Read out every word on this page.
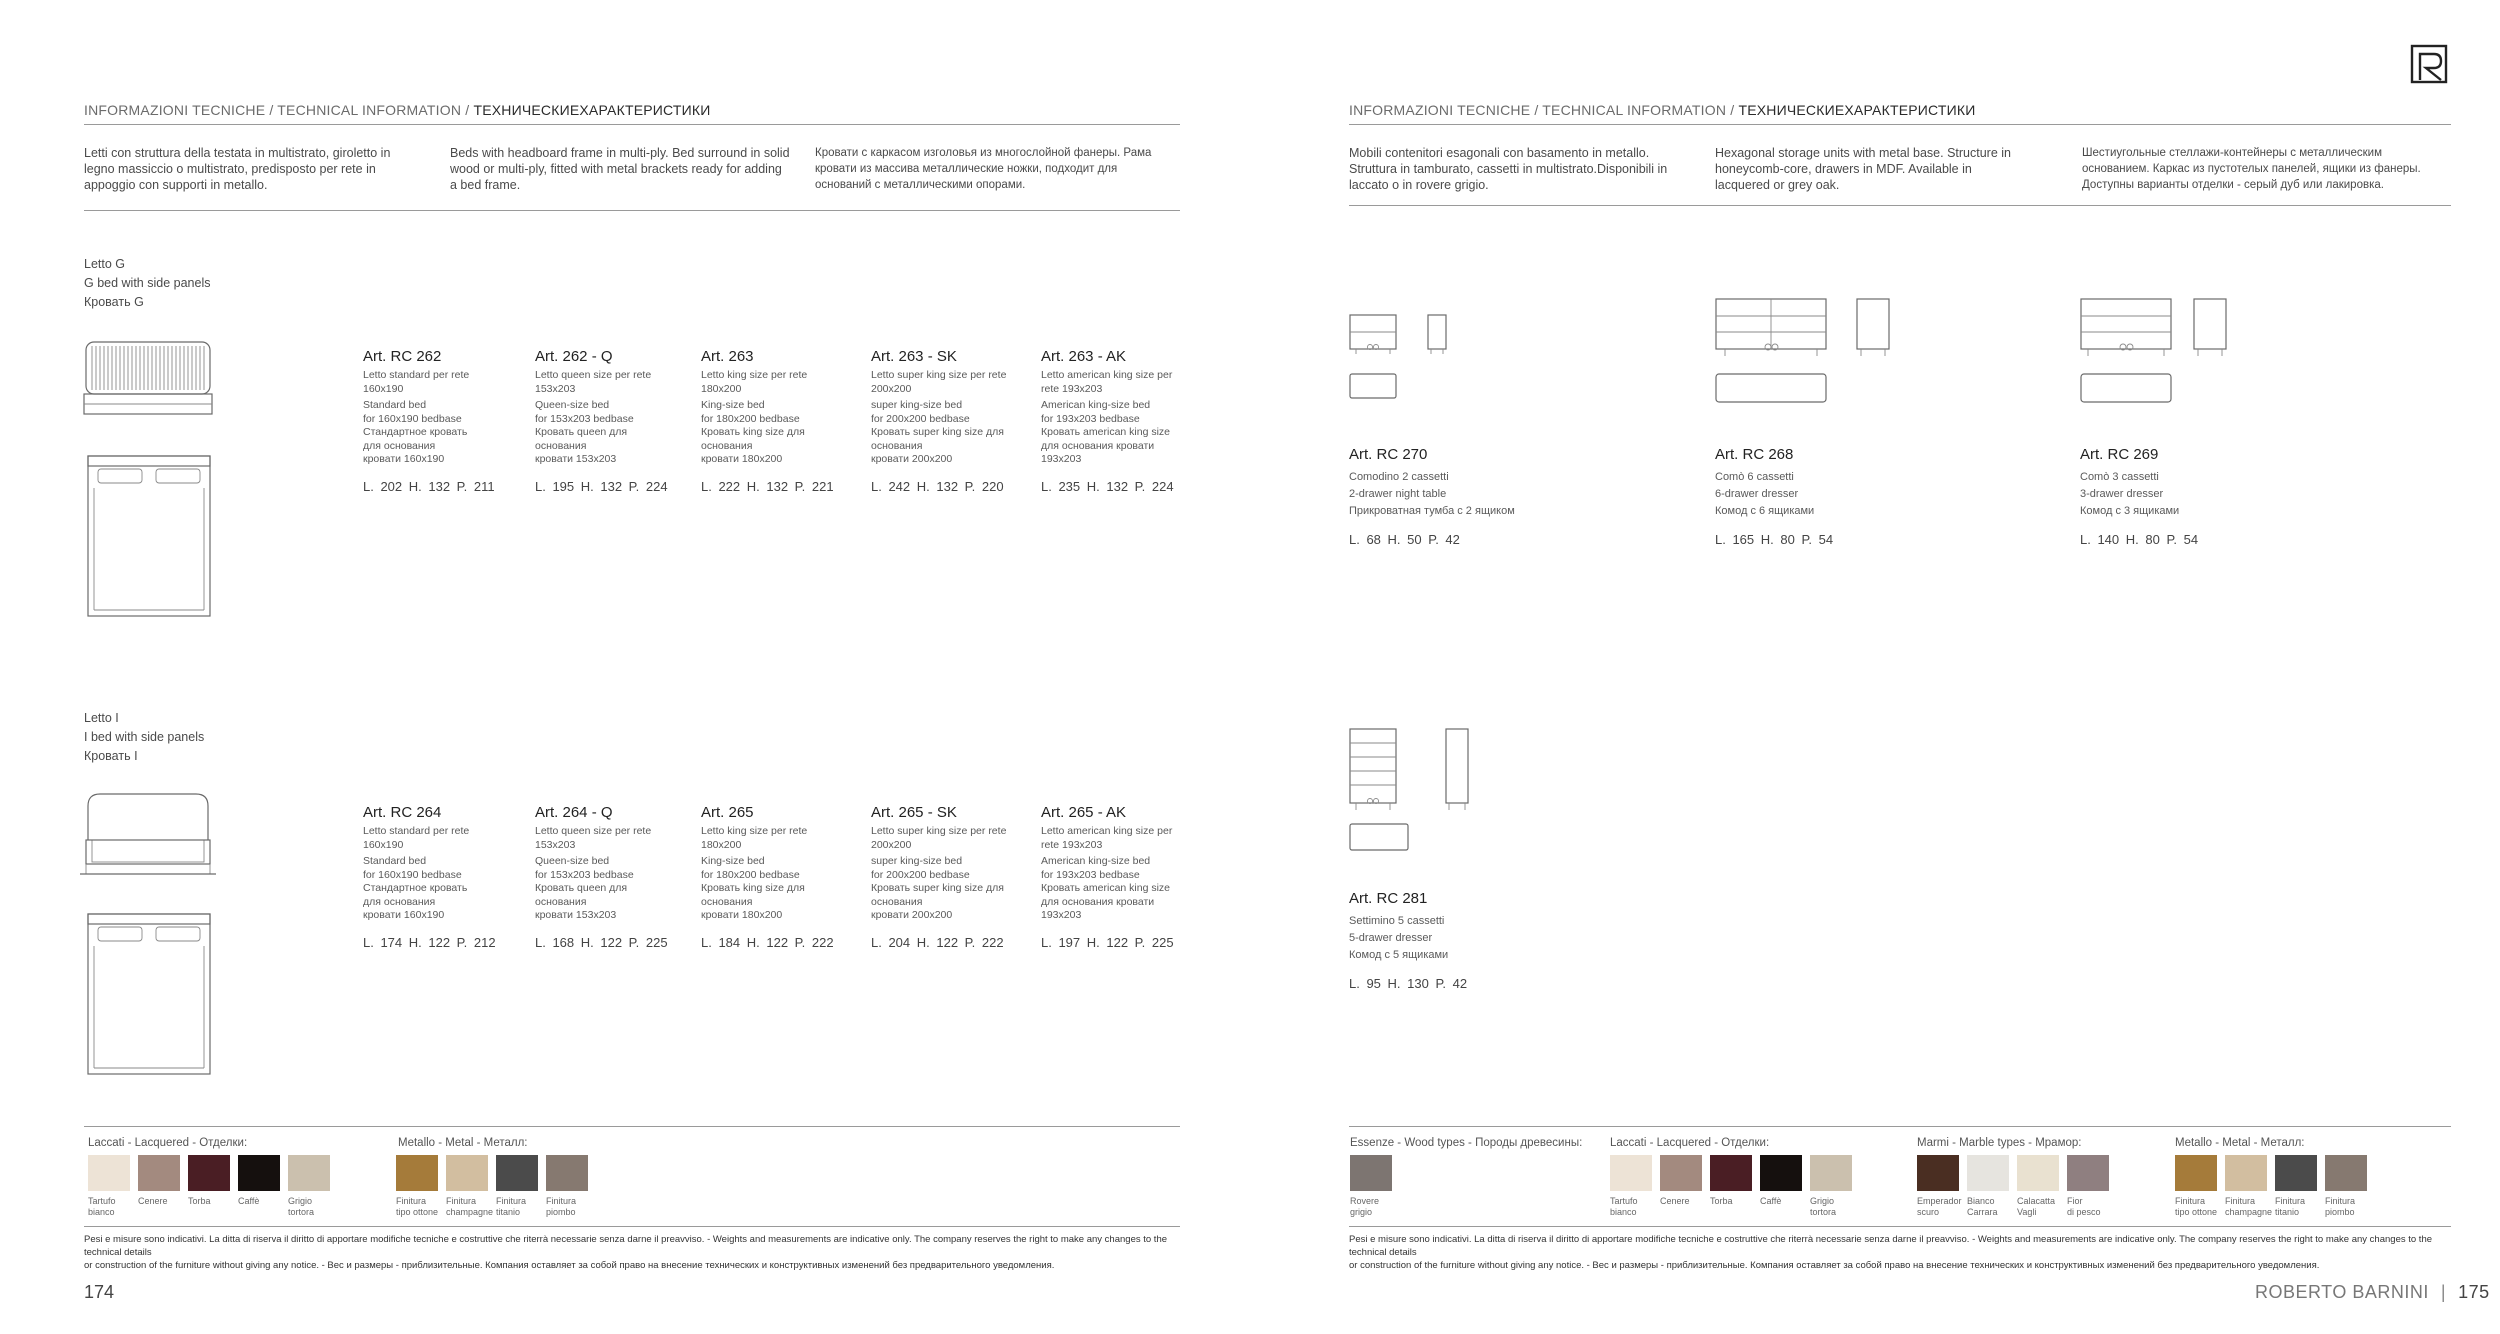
INFORMAZIONI TECNICHE / TECHNICAL INFORMATION / ТЕХНИЧЕСКИЕХАРАКТЕРИСТИКИ
Letti con struttura della testata in multistrato, giroletto in legno massiccio o multistrato, predisposto per rete in appoggio con supporti in metallo.
Beds with headboard frame in multi-ply. Bed surround in solid wood or multi-ply, fitted with metal brackets ready for adding a bed frame.
Кровати с каркасом изголовья из многослойной фанеры. Рама кровати из массива металлические ножки, подходит для оснований с металлическими опорами.
Letto G
G bed with side panels
Кровать G
Art. RC 262
Letto standard per rete
160x190
Standard bed
for 160x190 bedbase
Стандартное кровать
для основания
кровати 160x190
L. 202 H. 132 P. 211
Art. 262 - Q
Letto queen size per rete
153x203
Queen-size bed
for 153x203 bedbase
Кровать queen для
основания
кровати 153x203
L. 195 H. 132 P. 224
Art. 263
Letto king size per rete
180x200
King-size bed
for 180x200 bedbase
Кровать king size для
основания
кровати 180x200
L. 222 H. 132 P. 221
Art. 263 - SK
Letto super king size per rete
200x200
super king-size bed
for 200x200 bedbase
Кровать super king size для
основания
кровати 200x200
L. 242 H. 132 P. 220
Art. 263 - AK
Letto american king size per
rete 193x203
American king-size bed
for 193x203 bedbase
Кровать american king size
для основания кровати
193x203
L. 235 H. 132 P. 224
Letto I
I bed with side panels
Кровать I
Art. RC 264
Letto standard per rete
160x190
Standard bed
for 160x190 bedbase
Стандартное кровать
для основания
кровати 160x190
L. 174 H. 122 P. 212
Art. 264 - Q
Letto queen size per rete
153x203
Queen-size bed
for 153x203 bedbase
Кровать queen для
основания
кровати 153x203
L. 168 H. 122 P. 225
Art. 265
Letto king size per rete
180x200
King-size bed
for 180x200 bedbase
Кровать king size для
основания
кровати 180x200
L. 184 H. 122 P. 222
Art. 265 - SK
Letto super king size per rete
200x200
super king-size bed
for 200x200 bedbase
Кровать super king size для
основания
кровати 200x200
L. 204 H. 122 P. 222
Art. 265 - AK
Letto american king size per
rete 193x203
American king-size bed
for 193x203 bedbase
Кровать american king size
для основания кровати
193x203
L. 197 H. 122 P. 225
Laccati - Lacquered - Отделки:	Metallo - Metal - Металл:
Tartufo
bianco
Cenere	Torba	Caffè	Grigio
tortora
Finitura
tipo ottone
Finitura
champagne
Finitura
titanio
Finitura
piombo
Pesi e misure sono indicativi. La ditta di riserva il diritto di apportare modifiche tecniche e costruttive che riterrà necessarie senza darne il preavviso. - Weights and measurements are indicative only. The company reserves the right to make any changes to the technical details
or construction of the furniture without giving any notice. - Вес и размеры - приблизительные. Компания оставляет за собой право на внесение технических и конструктивных изменений без предварительного уведомления.
174
INFORMAZIONI TECNICHE / TECHNICAL INFORMATION / ТЕХНИЧЕСКИЕХАРАКТЕРИСТИКИ
Mobili contenitori esagonali con basamento in metallo. Struttura in tamburato, cassetti in multistrato.Disponibili in laccato o in rovere grigio.
Hexagonal storage units with metal base. Structure in honeycomb-core, drawers in MDF. Available in lacquered or grey oak.
Шестиугольные стеллажи-контейнеры с металлическим основанием. Каркас из пустотелых панелей, ящики из фанеры. Доступны варианты отделки - серый дуб или лакировка.
Art. RC 270
Comodino 2 cassetti
2-drawer night table
Прикроватная тумба с 2 ящиком
L. 68 H. 50 P. 42
Art. RC 268
Comò 6 cassetti
6-drawer dresser
Комод с 6 ящиками
L. 165 H. 80 P. 54
Art. RC 269
Comò 3 cassetti
3-drawer dresser
Комод с 3 ящиками
L. 140 H. 80 P. 54
Art. RC 281
Settimino 5 cassetti
5-drawer dresser
Комод с 5 ящиками
L. 95 H. 130 P. 42
Essenze - Wood types - Породы древесины: Laccati - Lacquered - Отделки:	Marmi - Marble types - Мрамор:	Metallo - Metal - Металл:
Rovere
grigio
Tartufo
bianco
Cenere	Torba	Caffè	Grigio
tortora
Emperador
scuro
Bianco
Carrara
Calacatta
Vagli
Fior
di pesco
Finitura
tipo ottone
Finitura
champagne
Finitura
titanio
Finitura
piombo
Pesi e misure sono indicativi. La ditta di riserva il diritto di apportare modifiche tecniche e costruttive che riterrà necessarie senza darne il preavviso. - Weights and measurements are indicative only. The company reserves the right to make any changes to the technical details
or construction of the furniture without giving any notice. - Вес и размеры - приблизительные. Компания оставляет за собой право на внесение технических и конструктивных изменений без предварительного уведомления.
ROBERTO BARNINI | 175
